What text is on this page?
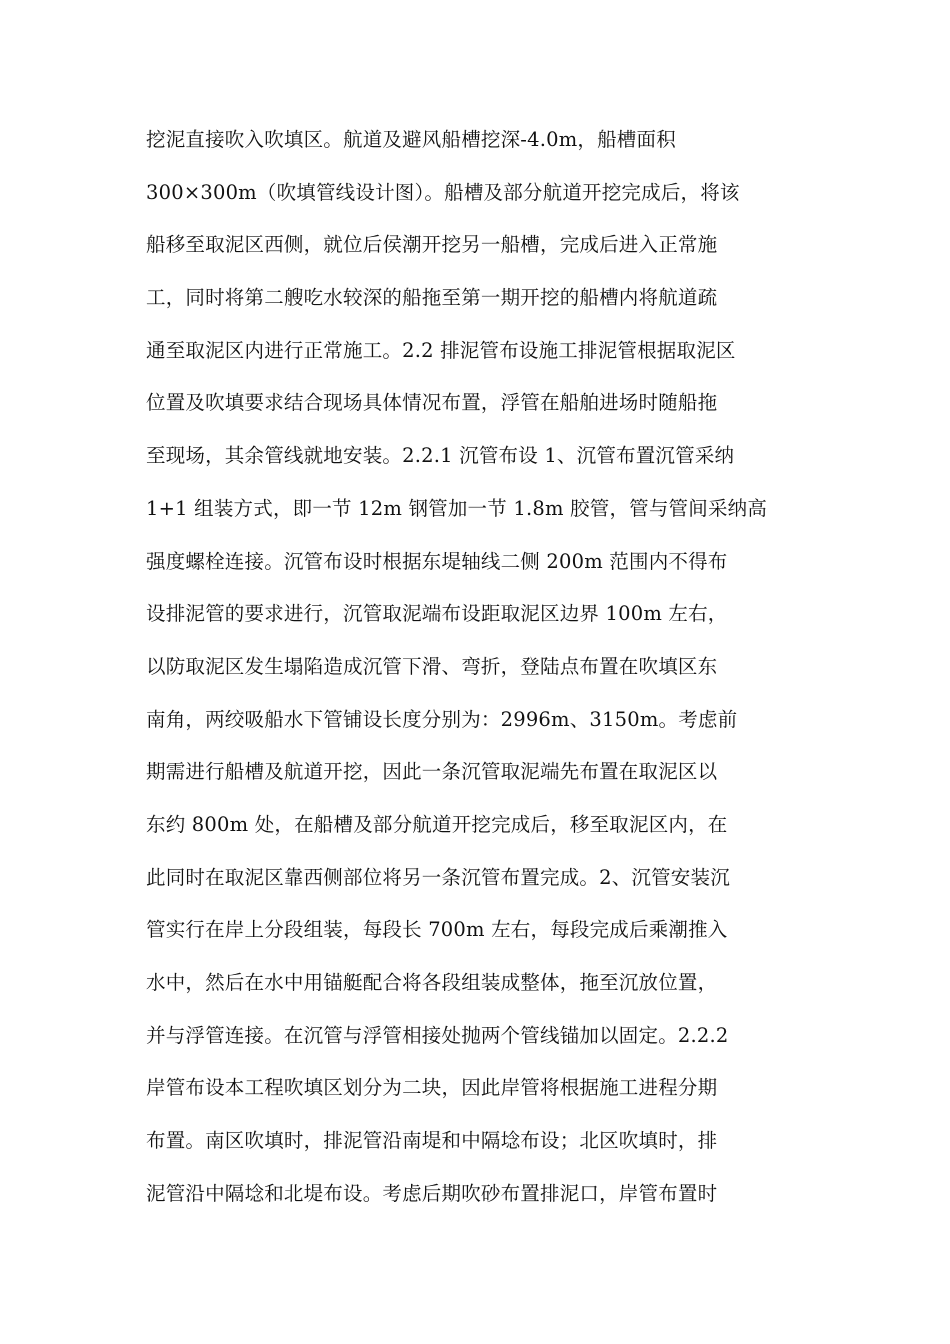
挖泥直接吹入吹填区。航道及避风船槽挖深-4.0m，船槽面积
300×300m（吹填管线设计图）。船槽及部分航道开挖完成后，将该
船移至取泥区西侧，就位后侯潮开挖另一船槽，完成后进入正常施
工，同时将第二艘吃水较深的船拖至第一期开挖的船槽内将航道疏
通至取泥区内进行正常施工。2.2 排泥管布设施工排泥管根据取泥区
位置及吹填要求结合现场具体情况布置，浮管在船舶进场时随船拖
至现场，其余管线就地安装。2.2.1 沉管布设 1、沉管布置沉管采纳
1+1 组装方式，即一节 12m 钢管加一节 1.8m 胶管，管与管间采纳高
强度螺栓连接。沉管布设时根据东堤轴线二侧 200m 范围内不得布
设排泥管的要求进行，沉管取泥端布设距取泥区边界 100m 左右，
以防取泥区发生塌陷造成沉管下滑、弯折，登陆点布置在吹填区东
南角，两绞吸船水下管铺设长度分别为：2996m、3150m。考虑前
期需进行船槽及航道开挖，因此一条沉管取泥端先布置在取泥区以
东约 800m 处，在船槽及部分航道开挖完成后，移至取泥区内，在
此同时在取泥区靠西侧部位将另一条沉管布置完成。2、沉管安装沉
管实行在岸上分段组装，每段长 700m 左右，每段完成后乘潮推入
水中，然后在水中用锚艇配合将各段组装成整体，拖至沉放位置，
并与浮管连接。在沉管与浮管相接处抛两个管线锚加以固定。2.2.2
岸管布设本工程吹填区划分为二块，因此岸管将根据施工进程分期
布置。南区吹填时，排泥管沿南堤和中隔埝布设；北区吹填时，排
泥管沿中隔埝和北堤布设。考虑后期吹砂布置排泥口，岸管布置时
